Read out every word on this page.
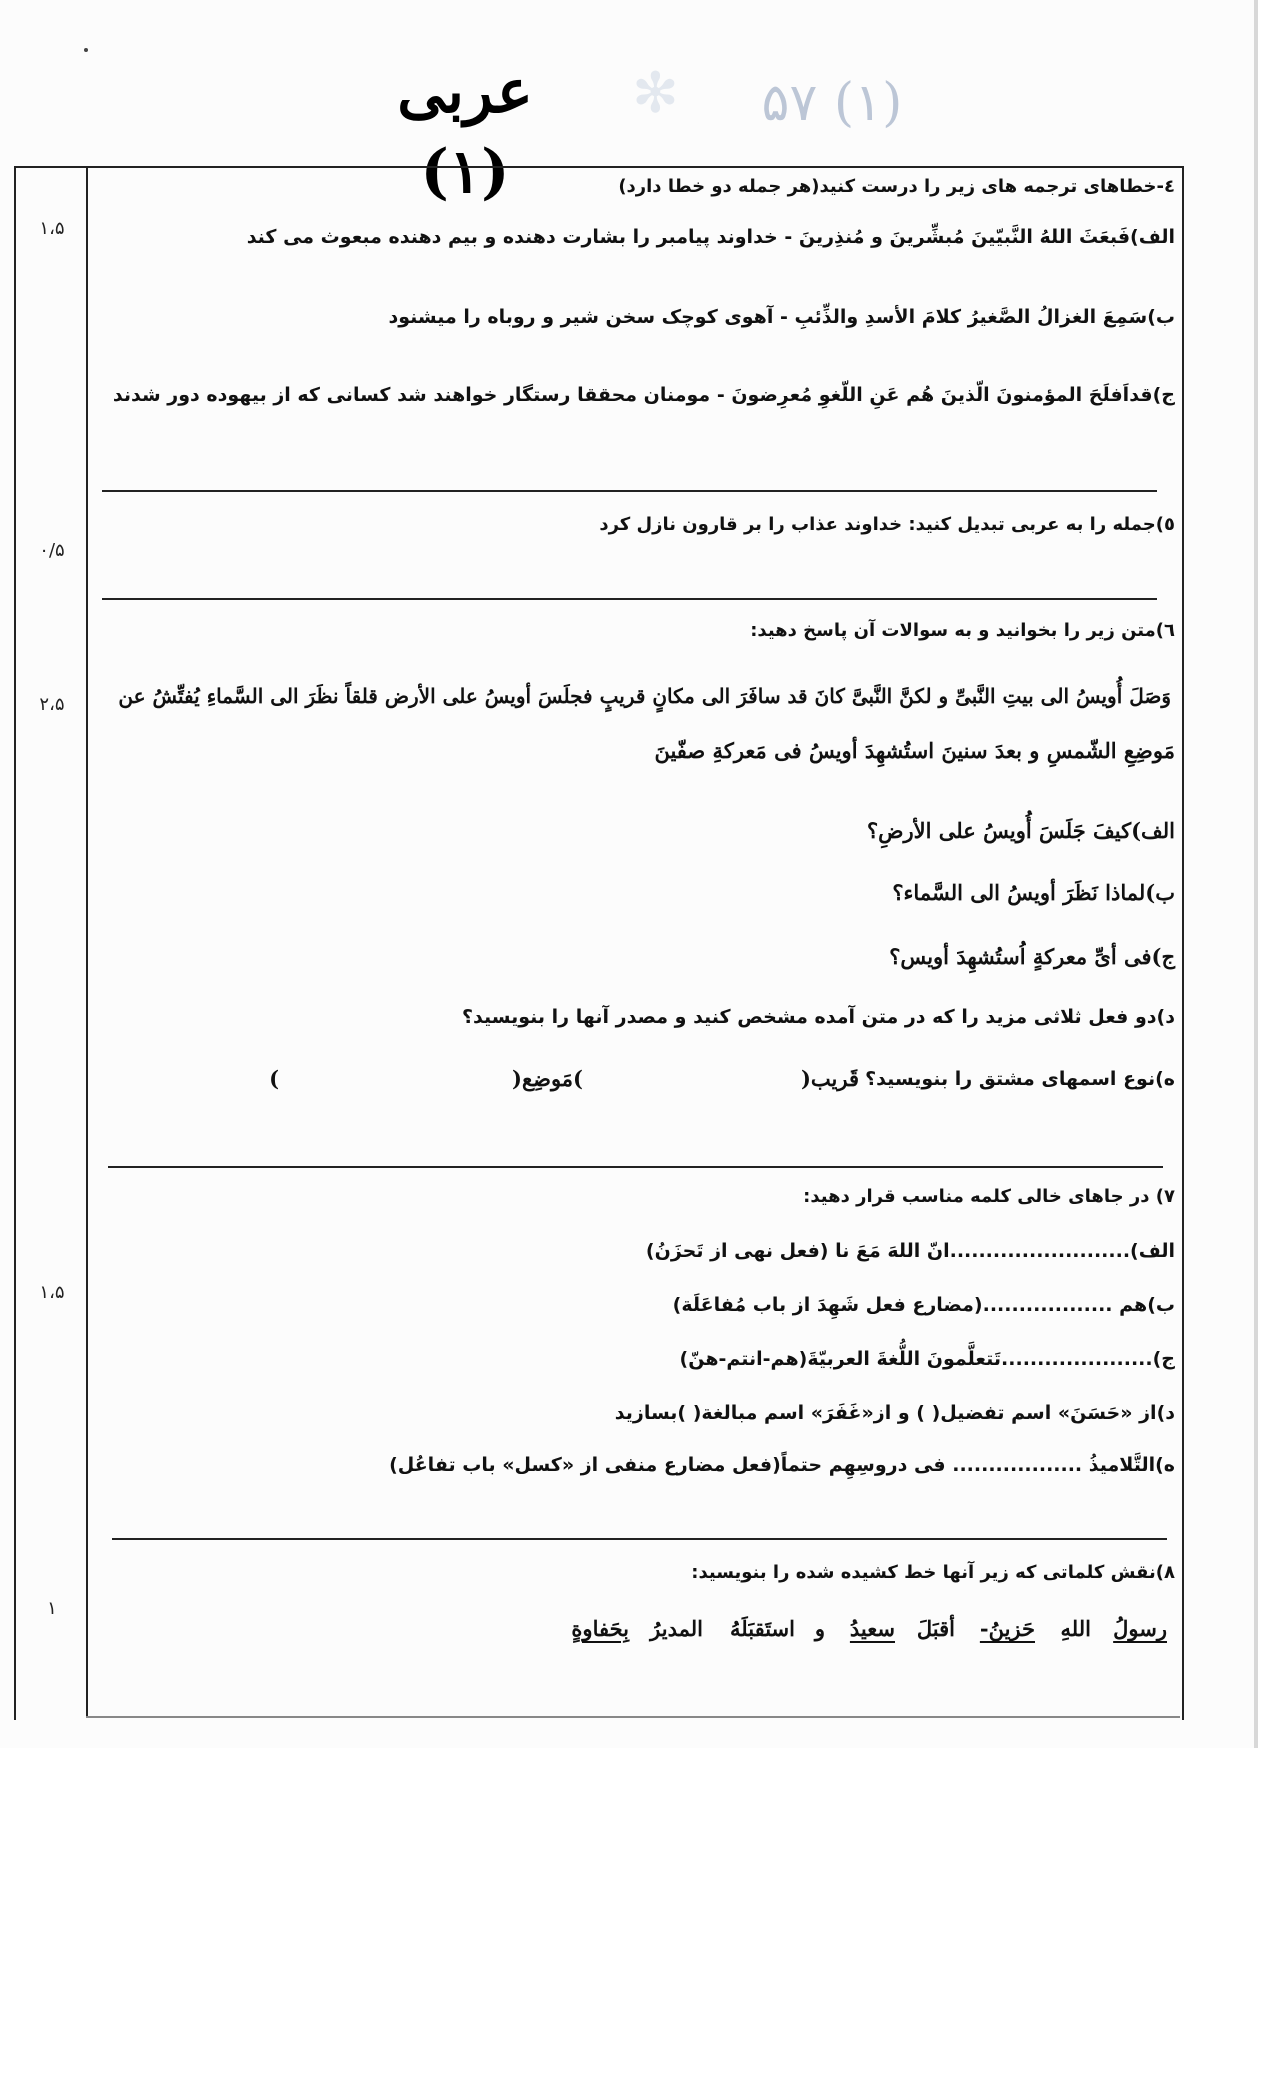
عربی (۱)
✻	(۱) ۵۷
۱،۵
۰/۵
۲،۵
۱،۵
۱
٤-خطاهای ترجمه های زیر را درست کنید(هر جمله دو خطا دارد)
الف)فَبعَثَ اللهُ النَّبیّینَ مُبشِّرینَ و مُنذِرینَ - خداوند پیامبر را بشارت دهنده و بیم دهنده مبعوث می کند
ب)سَمِعَ الغزالُ الصَّغیرُ کلامَ الأسدِ والذِّئبِ - آهوی کوچک سخن شیر و روباه را میشنود
ج)قداَفلَحَ المؤمنونَ الّذینَ هُم عَنِ اللّغوِ مُعرِضونَ - مومنان محققا رستگار خواهند شد کسانی که از بیهوده دور شدند
٥)جمله را به عربی تبدیل کنید: خداوند عذاب را بر قارون نازل کرد
٦)متن زیر را بخوانید و به سوالات آن پاسخ دهید:
وَصَلَ أُویسُ الی بیتِ النَّبیِّ و لکنَّ النَّبیَّ کانَ قد سافَرَ الی مکانٍ قریبٍ فجلَسَ أویسُ علی الأرض قلقاً نظَرَ الی السَّماءِ یُفتِّشُ عن
مَوضِعِ الشّمسِ و بعدَ سنینَ استُشهِدَ أویسُ فی مَعرکةِ صفّینَ
الف)کیفَ جَلَسَ أُویسُ علی الأرضِ؟
ب)لماذا نَظَرَ أویسُ الی السَّماء؟
ج)فی أیِّ معرکةٍ اُستُشهِدَ أویس؟
د)دو فعل ثلاثی مزید را که در متن آمده مشخص کنید و مصدر آنها را بنویسید؟
ه)نوع اسمهای مشتق را بنویسید؟
قَریب(
)مَوضِع(
)
٧) در جاهای خالی کلمه مناسب قرار دهید:
الف).........................انّ اللهَ مَعَ نا (فعل نهی از تَحزَنُ)
ب)هم ..................(مضارع فعل شَهِدَ از باب مُفاعَلَة)
ج).....................تَتعلَّمونَ اللُّغةَ العربیّةَ(هم-انتم-هنّ)
د)از «حَسَنَ» اسم تفضیل( ) و از«غَفَرَ» اسم مبالغة( )بسازید
ه)التَّلامیذُ .................. فی دروسِهِم حتماً(فعل مضارع منفی از «کسل» باب تفاعُل)
٨)نقش کلماتی که زیر آنها خط کشیده شده را بنویسید:
رسولُ
اللهِ
حَزینُ-
أقبَلَ
سعیدُ
و
استَقبَلَهُ
المدیرُ
بِحَفاوةٍ
